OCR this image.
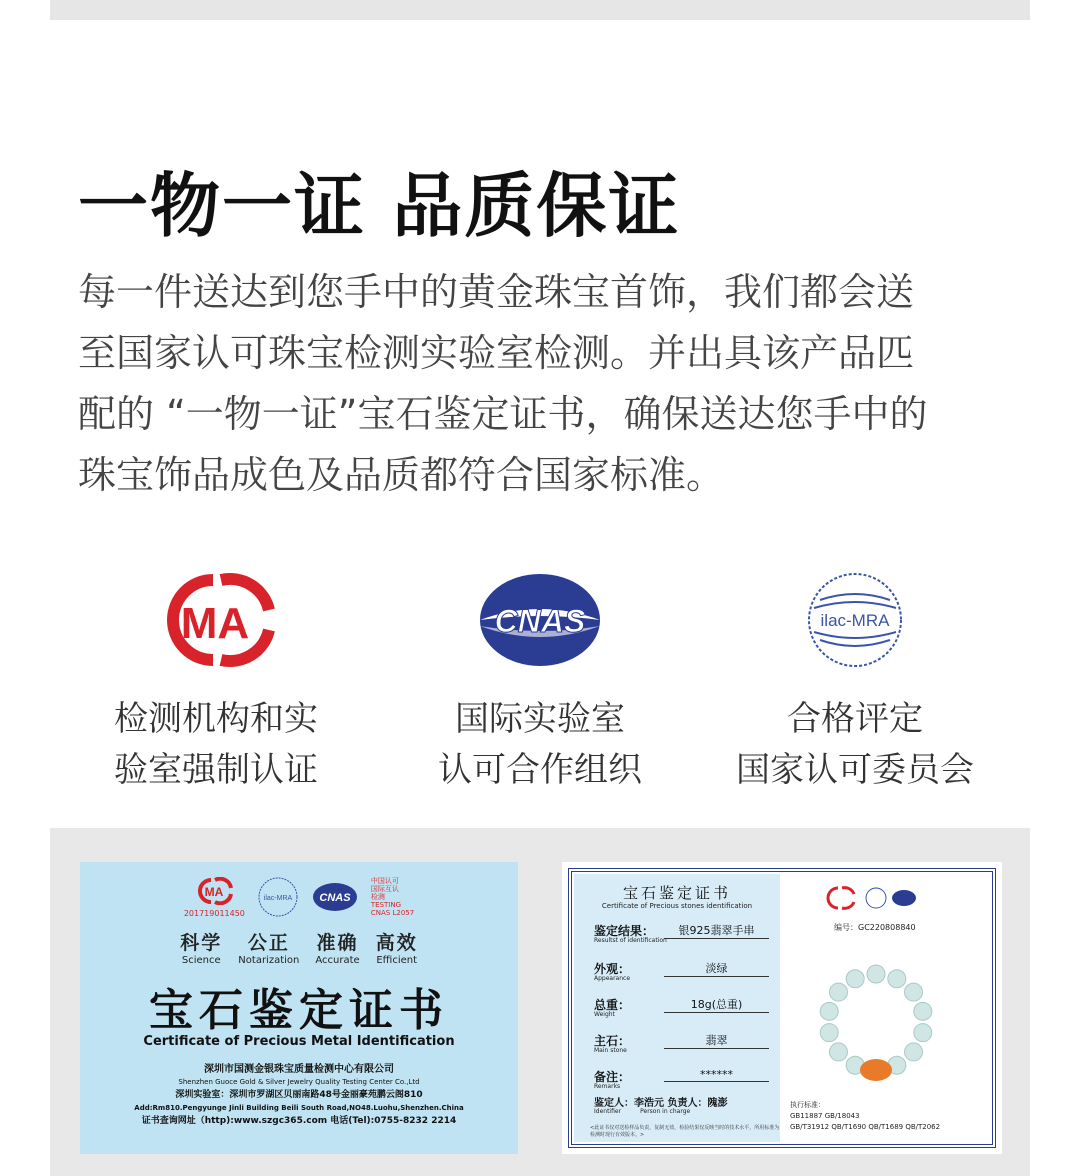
一物一证 品质保证
每一件送达到您手中的黄金珠宝首饰，我们都会送
至国家认可珠宝检测实验室检测。并出具该产品匹
配的 “一物一证”宝石鉴定证书，确保送达您手中的
珠宝饰品成色及品质都符合国家标准。
MA
检测机构和实
验室强制认证
CNAS
国际实验室
认可合作组织
ilac-MRA
合格评定
国家认可委员会
MA
201719011450
ilac-MRA CNAS
中国认可
国际互认
检测
TESTING
CNAS L2057
科学
Science
公正
Notarization
准确
Accurate
高效
Efficient
宝石鉴定证书
Certificate of Precious Metal Identification
深圳市国测金银珠宝质量检测中心有限公司
Shenzhen Guoce Gold & Silver Jewelry Quality Testing Center Co.,Ltd
深圳实验室：深圳市罗湖区贝丽南路48号金丽豪苑鹏云阁810
Add:Rm810.Pengyunge Jinli Building Beili South Road,NO48.Luohu,Shenzhen.China
证书查询网址（http):www.szgc365.com 电话(Tel):0755-8232 2214
宝石鉴定证书
Certificate of Precious stones identification
鉴定结果：
Resultst of identification
银925翡翠手串
外观：
Appearance
淡绿
总重：
Weight
18g(总重)
主石：
Main stone
翡翠
备注：
Remarks
******
鉴定人：李浩元 负责人：隗澎
Identifier          Person in charge
<此证书仅对送检样品负责，复制无效，检验结果仅反映当时的技术水平，所用标准为检测时现行有效版本。>
编号：GC220808840
执行标准：
GB11887 GB/18043
GB/T31912 QB/T1690 QB/T1689 QB/T2062
